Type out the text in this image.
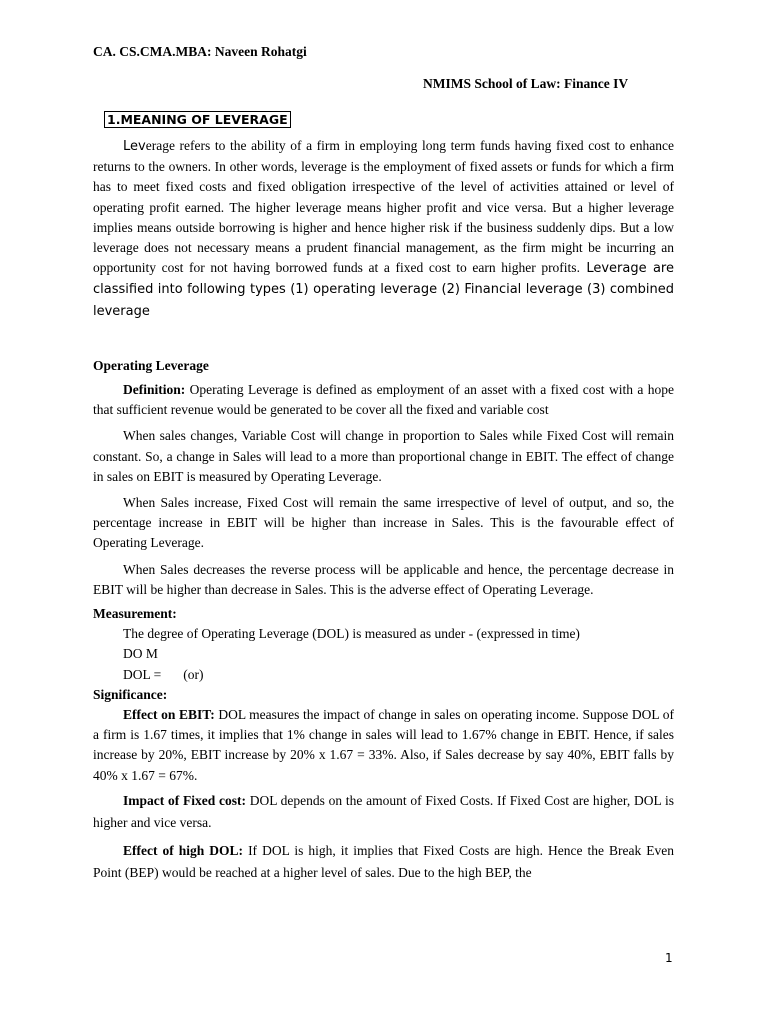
CA. CS.CMA.MBA: Naveen Rohatgi
NMIMS School of Law: Finance IV
1.MEANING OF LEVERAGE

Leverage refers to the ability of a firm in employing long term funds having fixed cost to enhance returns to the owners. In other words, leverage is the employment of fixed assets or funds for which a firm has to meet fixed costs and fixed obligation irrespective of the level of activities attained or level of operating profit earned. The higher leverage means higher profit and vice versa. But a higher leverage implies means outside borrowing is higher and hence higher risk if the business suddenly dips. But a low leverage does not necessary means a prudent financial management, as the firm might be incurring an opportunity cost for not having borrowed funds at a fixed cost to earn higher profits. Leverage are classified into following types (1) operating leverage (2) Financial leverage (3) combined leverage

Operating Leverage

Definition: Operating Leverage is defined as employment of an asset with a fixed cost with a hope that sufficient revenue would be generated to be cover all the fixed and variable cost

When sales changes, Variable Cost will change in proportion to Sales while Fixed Cost will remain constant. So, a change in Sales will lead to a more than proportional change in EBIT. The effect of change in sales on EBIT is measured by Operating Leverage.

When Sales increase, Fixed Cost will remain the same irrespective of level of output, and so, the percentage increase in EBIT will be higher than increase in Sales. This is the favourable effect of Operating Leverage.

When Sales decreases the reverse process will be applicable and hence, the percentage decrease in EBIT will be higher than decrease in Sales. This is the adverse effect of Operating Leverage.

Measurement:

The degree of Operating Leverage (DOL) is measured as under - (expressed in time)

DO M

DOL = (or)

Significance:

Effect on EBIT: DOL measures the impact of change in sales on operating income. Suppose DOL of a firm is 1.67 times, it implies that 1% change in sales will lead to 1.67% change in EBIT. Hence, if sales increase by 20%, EBIT increase by 20% x 1.67 = 33%. Also, if Sales decrease by say 40%, EBIT falls by 40% x 1.67 = 67%.

Impact of Fixed cost: DOL depends on the amount of Fixed Costs. If Fixed Cost are higher, DOL is higher and vice versa.

Effect of high DOL: If DOL is high, it implies that Fixed Costs are high. Hence the Break Even Point (BEP) would be reached at a higher level of sales. Due to the high BEP, the

1
